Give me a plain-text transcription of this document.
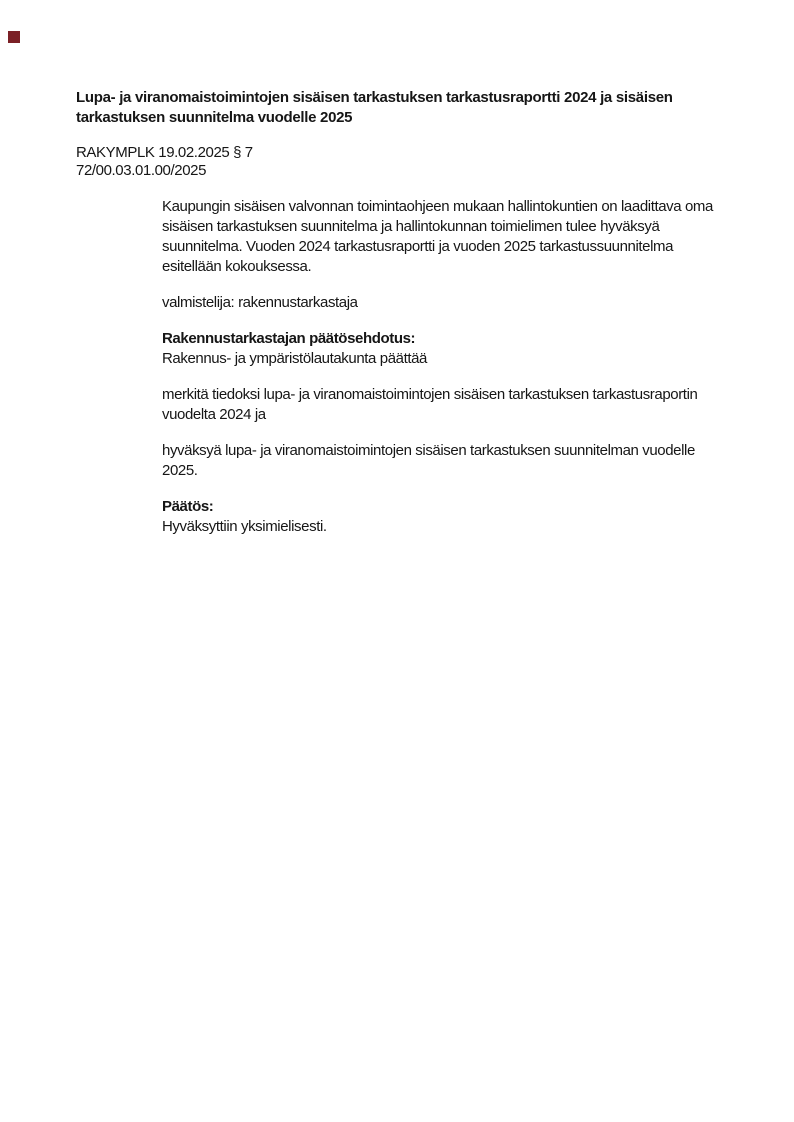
Lupa- ja viranomaistoimintojen sisäisen tarkastuksen tarkastusraportti 2024 ja sisäisen
tarkastuksen suunnitelma vuodelle 2025
RAKYMPLK 19.02.2025 § 7
72/00.03.01.00/2025
Kaupungin sisäisen valvonnan toimintaohjeen mukaan hallintokuntien on laadittava oma
sisäisen tarkastuksen suunnitelma ja hallintokunnan toimielimen tulee hyväksyä
suunnitelma. Vuoden 2024 tarkastusraportti ja vuoden 2025 tarkastussuunnitelma
esitellään kokouksessa.
valmistelija: rakennustarkastaja
Rakennustarkastajan päätösehdotus:
Rakennus- ja ympäristölautakunta päättää
merkitä tiedoksi lupa- ja viranomaistoimintojen sisäisen tarkastuksen tarkastusraportin
vuodelta 2024 ja
hyväksyä lupa- ja viranomaistoimintojen sisäisen tarkastuksen suunnitelman vuodelle
2025.
Päätös:
Hyväksyttiin yksimielisesti.
